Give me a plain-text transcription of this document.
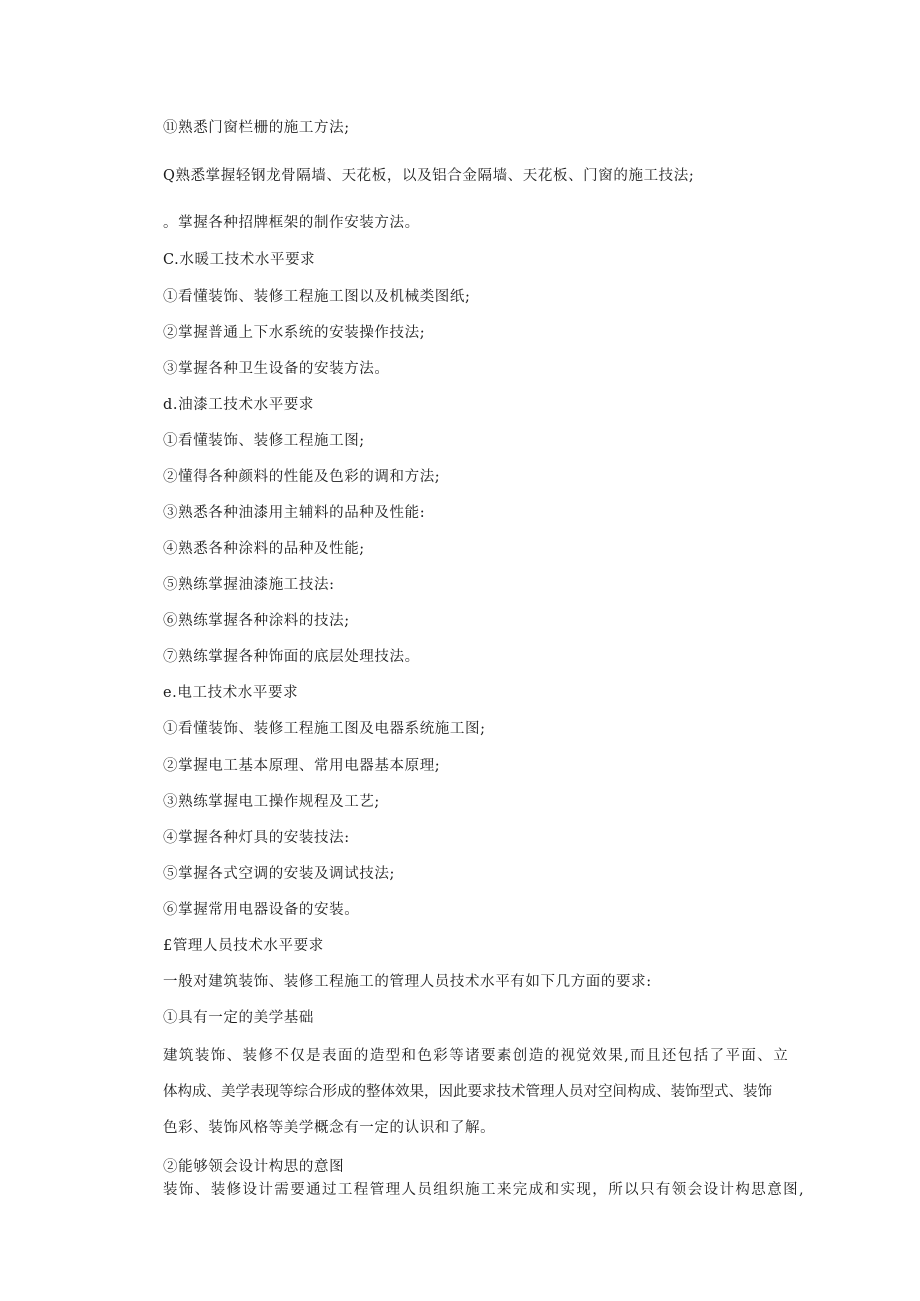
⑪熟悉门窗栏栅的施工方法;

Q熟悉掌握轻钢龙骨隔墙、天花板，以及铝合金隔墙、天花板、门窗的施工技法;

。掌握各种招牌框架的制作安装方法。

C.水暖工技术水平要求

①看懂装饰、装修工程施工图以及机械类图纸;

②掌握普通上下水系统的安装操作技法;

③掌握各种卫生设备的安装方法。

d.油漆工技术水平要求

①看懂装饰、装修工程施工图;

②懂得各种颜料的性能及色彩的调和方法;

③熟悉各种油漆用主辅料的品种及性能:

④熟悉各种涂料的品种及性能;

⑤熟练掌握油漆施工技法:

⑥熟练掌握各种涂料的技法;

⑦熟练掌握各种饰面的底层处理技法。

e.电工技术水平要求

①看懂装饰、装修工程施工图及电器系统施工图;

②掌握电工基本原理、常用电器基本原理;

③熟练掌握电工操作规程及工艺;

④掌握各种灯具的安装技法:

⑤掌握各式空调的安装及调试技法;

⑥掌握常用电器设备的安装。

£管理人员技术水平要求

一般对建筑装饰、装修工程施工的管理人员技术水平有如下几方面的要求:

①具有一定的美学基础

建筑装饰、装修不仅是表面的造型和色彩等诸要素创造的视觉效果,而且还包括了平面、立

体构成、美学表现等综合形成的整体效果，因此要求技术管理人员对空间构成、装饰型式、装饰

色彩、装饰风格等美学概念有一定的认识和了解。

②能够领会设计构思的意图

装饰、装修设计需要通过工程管理人员组织施工来完成和实现，所以只有领会设计构思意图,
